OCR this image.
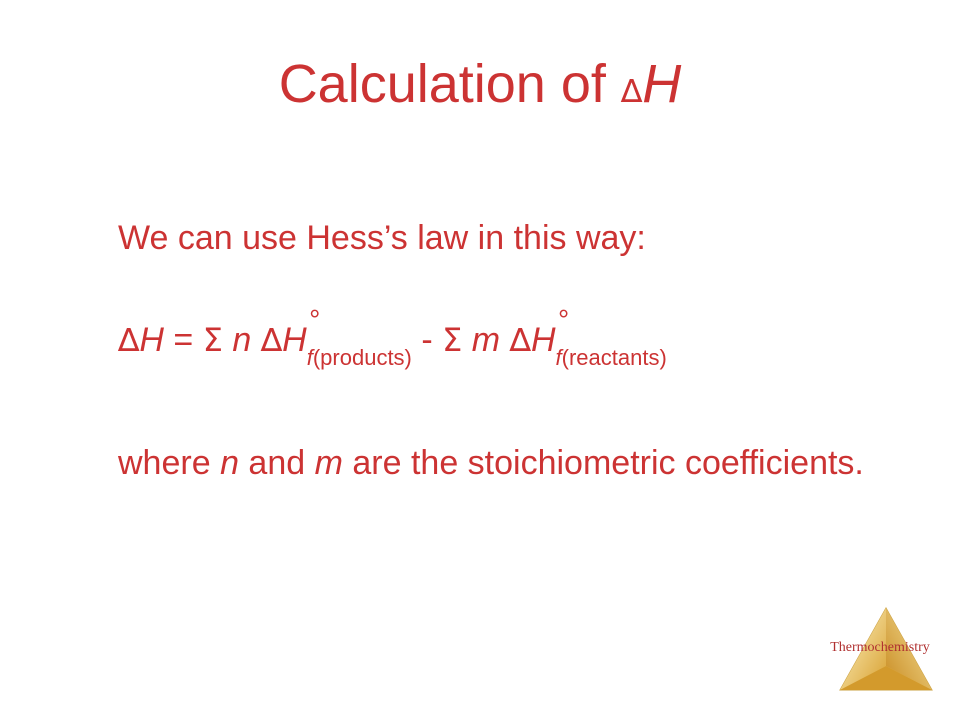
Calculation of ∆H
We can use Hess’s law in this way:
∆H = Σ n $\Delta H_{f(products)}$
°
- Σ m $\Delta H_{f(reactants)}$
°
where n and m are the stoichiometric coefficients.
Thermochemistry
